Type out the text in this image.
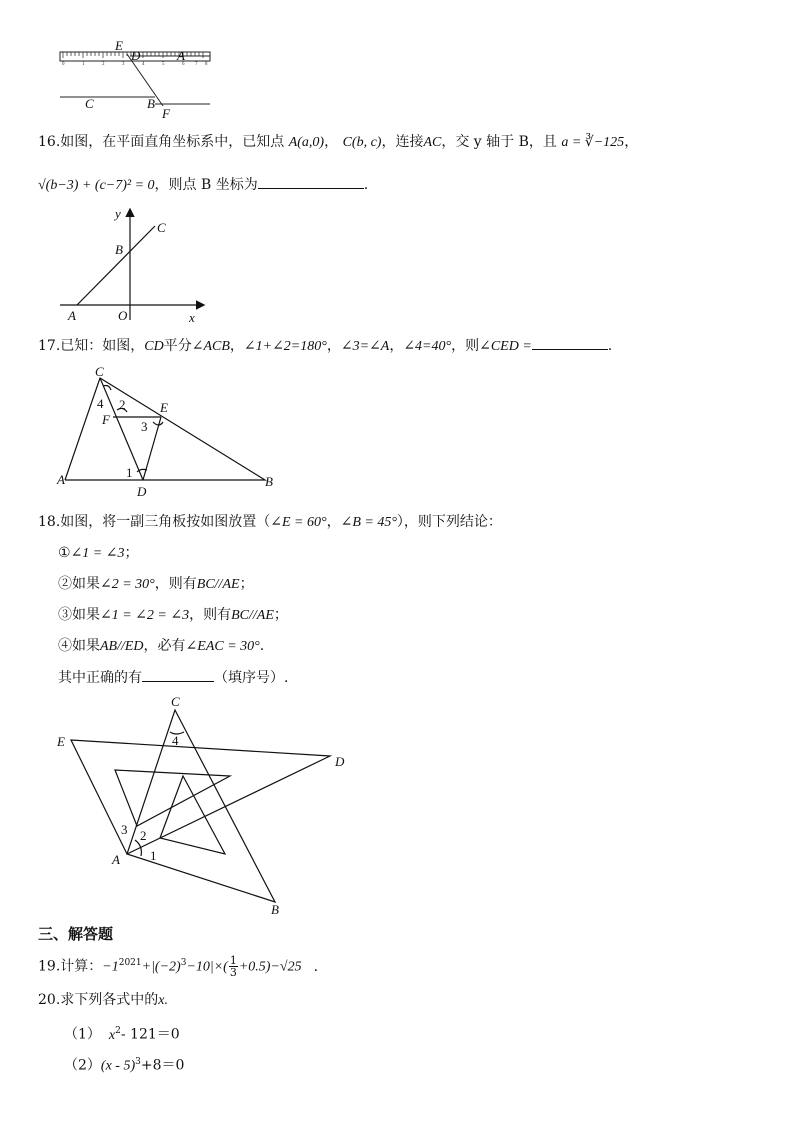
0	1	2	3	4	5	6 7 8
E
D	A
C	B
F
16.如图，在平面直角坐标系中，已知点 A(a,0)， C(b, c)，连接AC，交 y 轴于 B，且 a = ∛−125，
√(b−3) + (c−7)² = 0，则点 B 坐标为	.
y
C
B
A	O	x
17.已知：如图，CD平分∠ACB，∠1+∠2=180°，∠3=∠A，∠4=40°，则∠CED =	.
C
E
F
A
D
B
4 2
3
1
18.如图，将一副三角板按如图放置（∠E = 60°，∠B = 45°），则下列结论：
①∠1 = ∠3；
②如果∠2 = 30°，则有BC//AE；
③如果∠1 = ∠2 = ∠3，则有BC//AE；
④如果AB//ED，必有∠EAC = 30°.
其中正确的有	（填序号）.
C
E
D
A
B
4
3 2
1
三、解答题
19.计算：$-1^{2021}+|(-2)^3-10|\times( \frac{1}{3} +0.5)-√25$ .
20.求下列各式中的x.
（1） $x^2-$ 121＝0
（2）(x - 5)$^3$+8＝0
